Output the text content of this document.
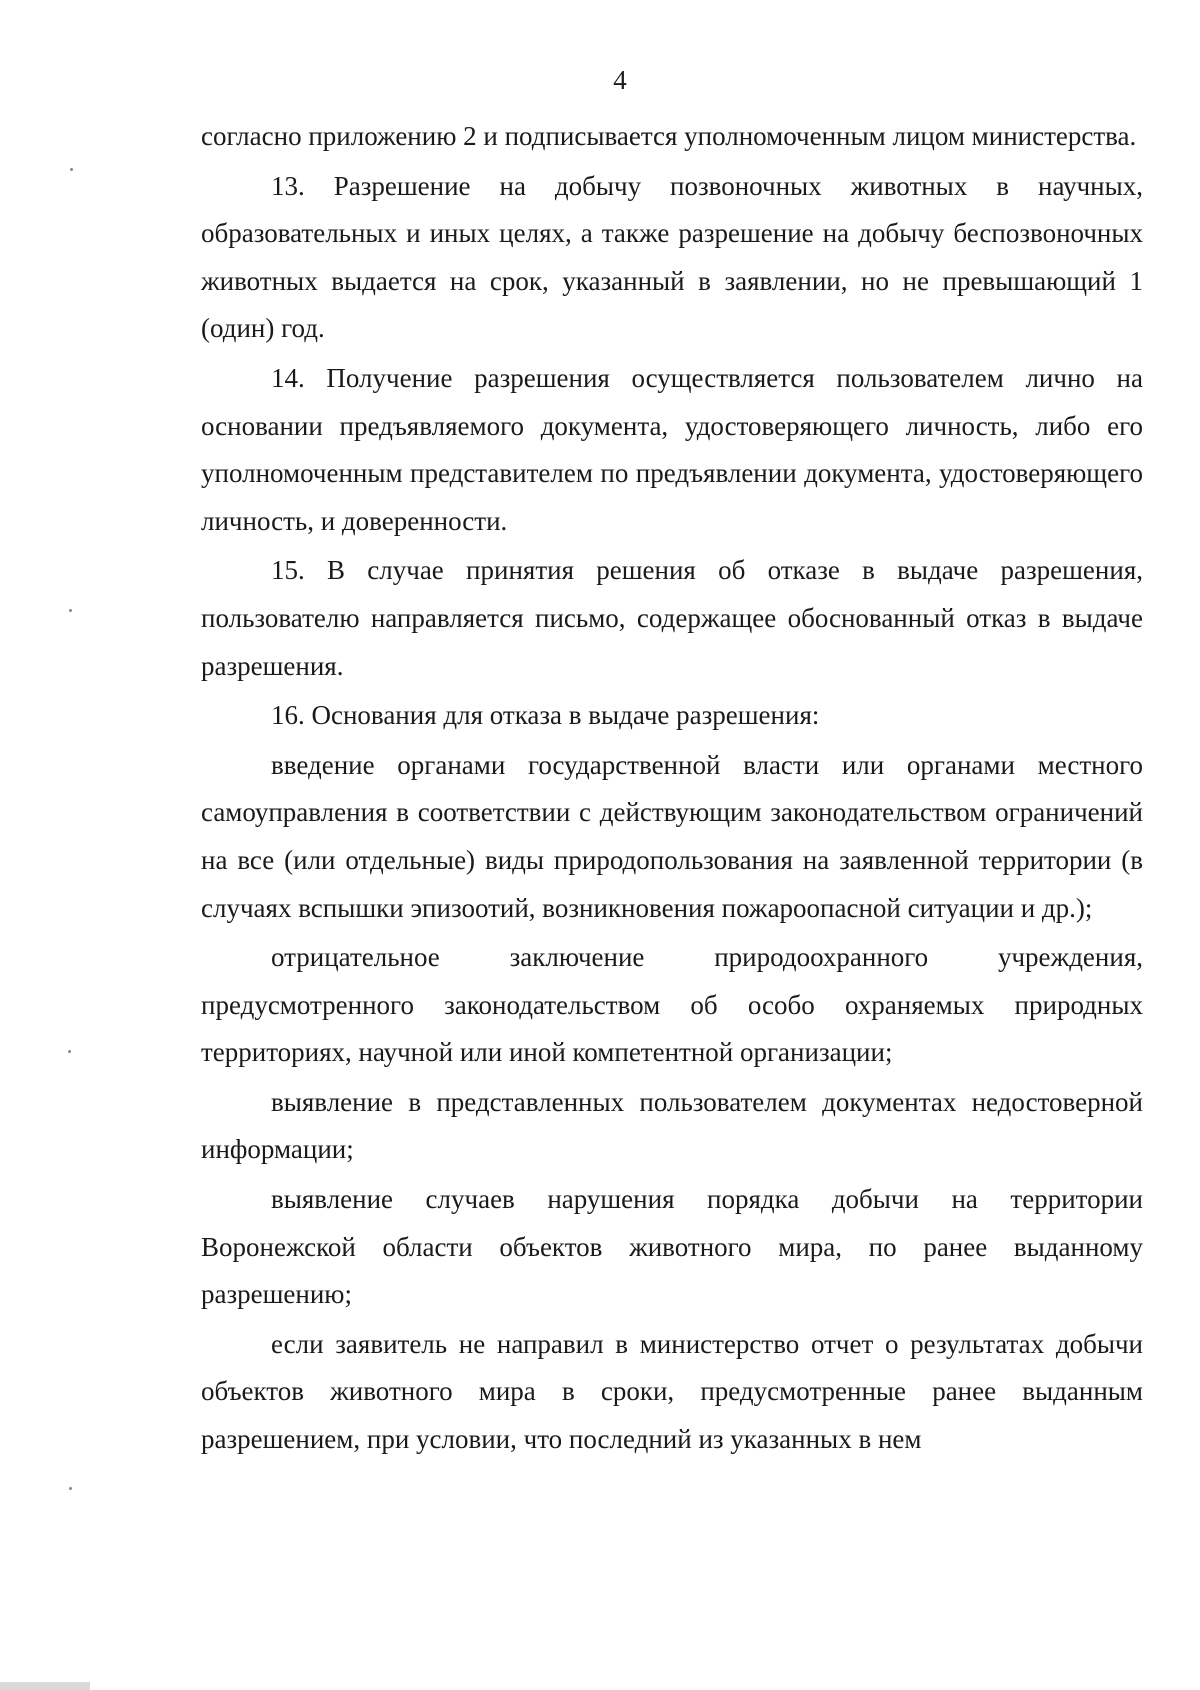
4

согласно приложению 2 и подписывается уполномоченным лицом министерства.

13. Разрешение на добычу позвоночных животных в научных, образовательных и иных целях, а также разрешение на добычу беспозвоночных животных выдается на срок, указанный в заявлении, но не превышающий 1 (один) год.

14. Получение разрешения осуществляется пользователем лично на основании предъявляемого документа, удостоверяющего личность, либо его уполномоченным представителем по предъявлении документа, удостоверяющего личность, и доверенности.

15. В случае принятия решения об отказе в выдаче разрешения, пользователю направляется письмо, содержащее обоснованный отказ в выдаче разрешения.

16. Основания для отказа в выдаче разрешения:

введение органами государственной власти или органами местного самоуправления в соответствии с действующим законодательством ограничений на все (или отдельные) виды природопользования на заявленной территории (в случаях вспышки эпизоотий, возникновения пожароопасной ситуации и др.);

отрицательное заключение природоохранного учреждения, предусмотренного законодательством об особо охраняемых природных территориях, научной или иной компетентной организации;

выявление в представленных пользователем документах недостоверной информации;

выявление случаев нарушения порядка добычи на территории Воронежской области объектов животного мира, по ранее выданному разрешению;

если заявитель не направил в министерство отчет о результатах добычи объектов животного мира в сроки, предусмотренные ранее выданным разрешением, при условии, что последний из указанных в нем
